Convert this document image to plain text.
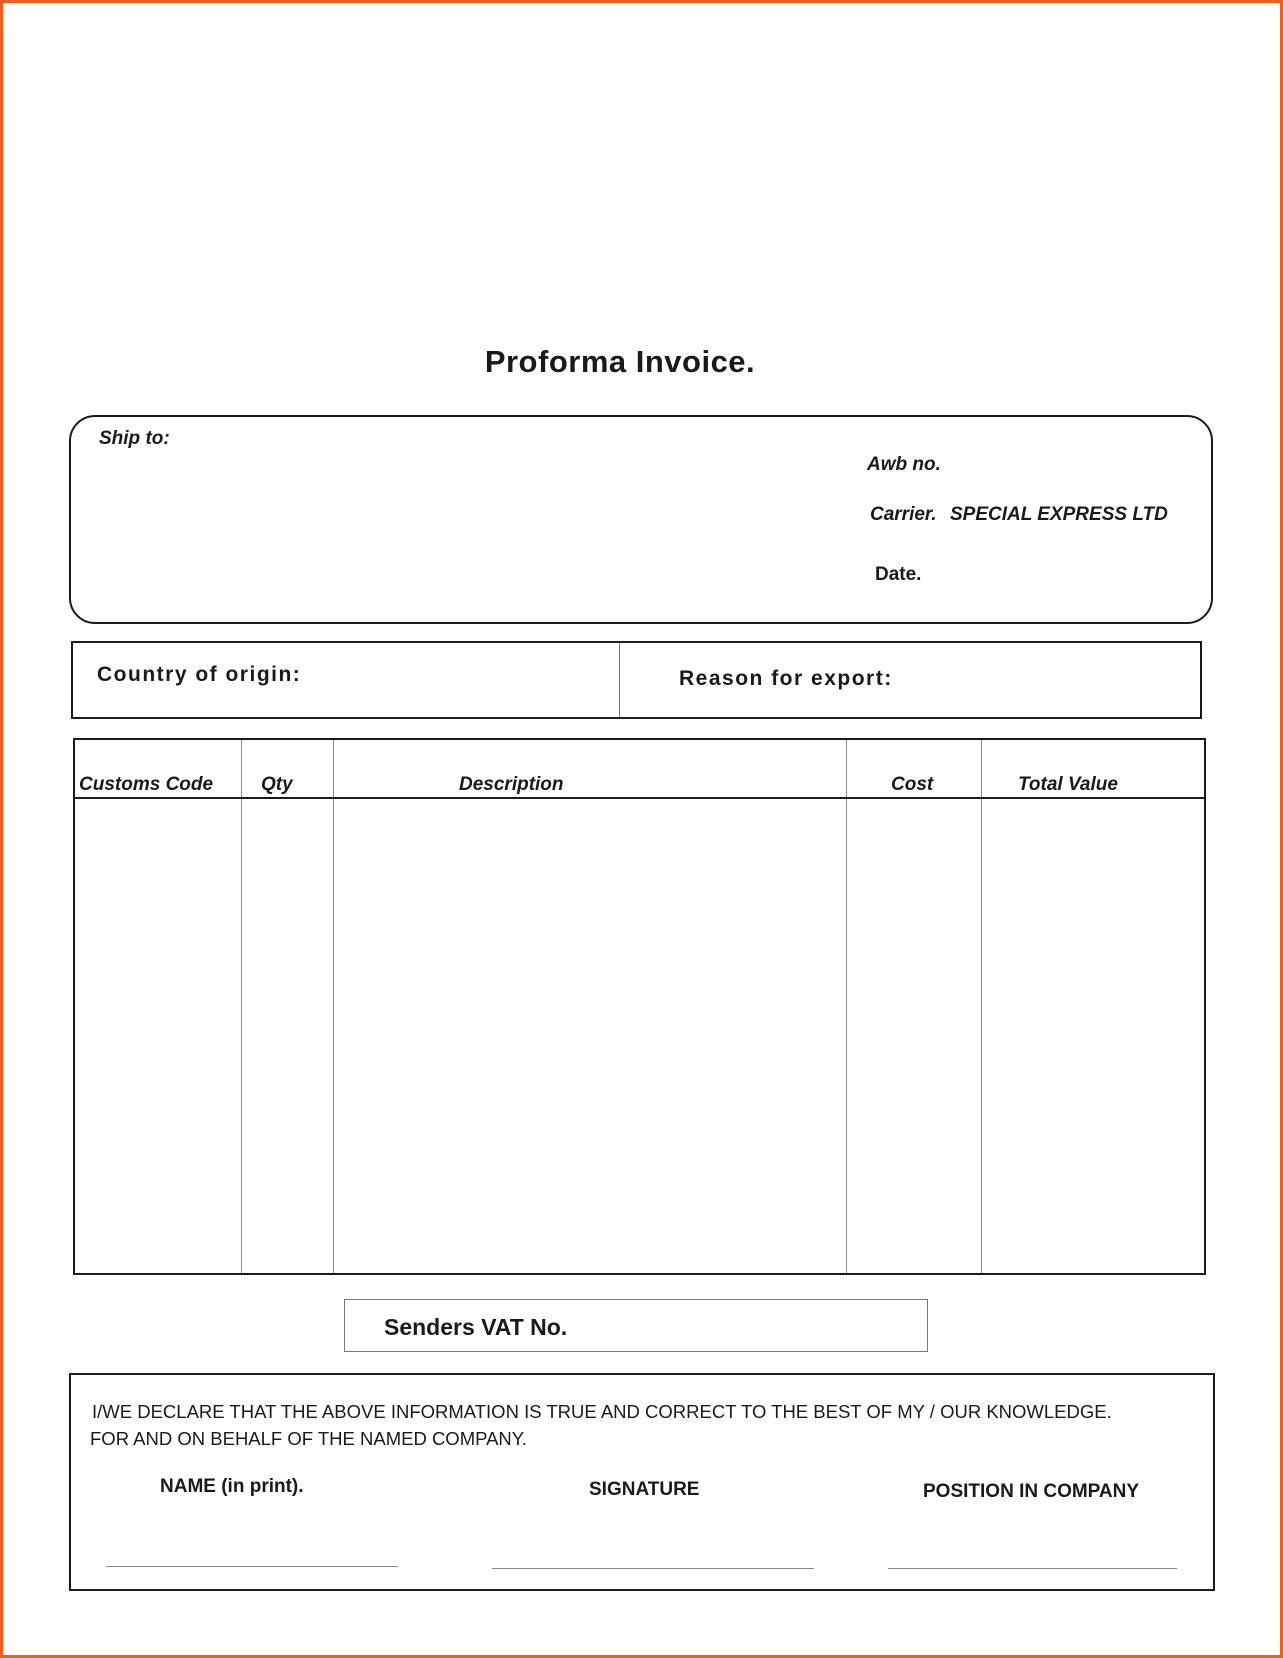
Proforma Invoice.
Ship to:
Awb no.
Carrier. SPECIAL EXPRESS LTD
Date.
Country of origin:	Reason for export:
Customs Code	Qty	Description	Cost	Total Value
Senders VAT No.
I/WE DECLARE THAT THE ABOVE INFORMATION IS TRUE AND CORRECT TO THE BEST OF MY / OUR KNOWLEDGE.
FOR AND ON BEHALF OF THE NAMED COMPANY.
NAME (in print).	SIGNATURE	POSITION IN COMPANY
